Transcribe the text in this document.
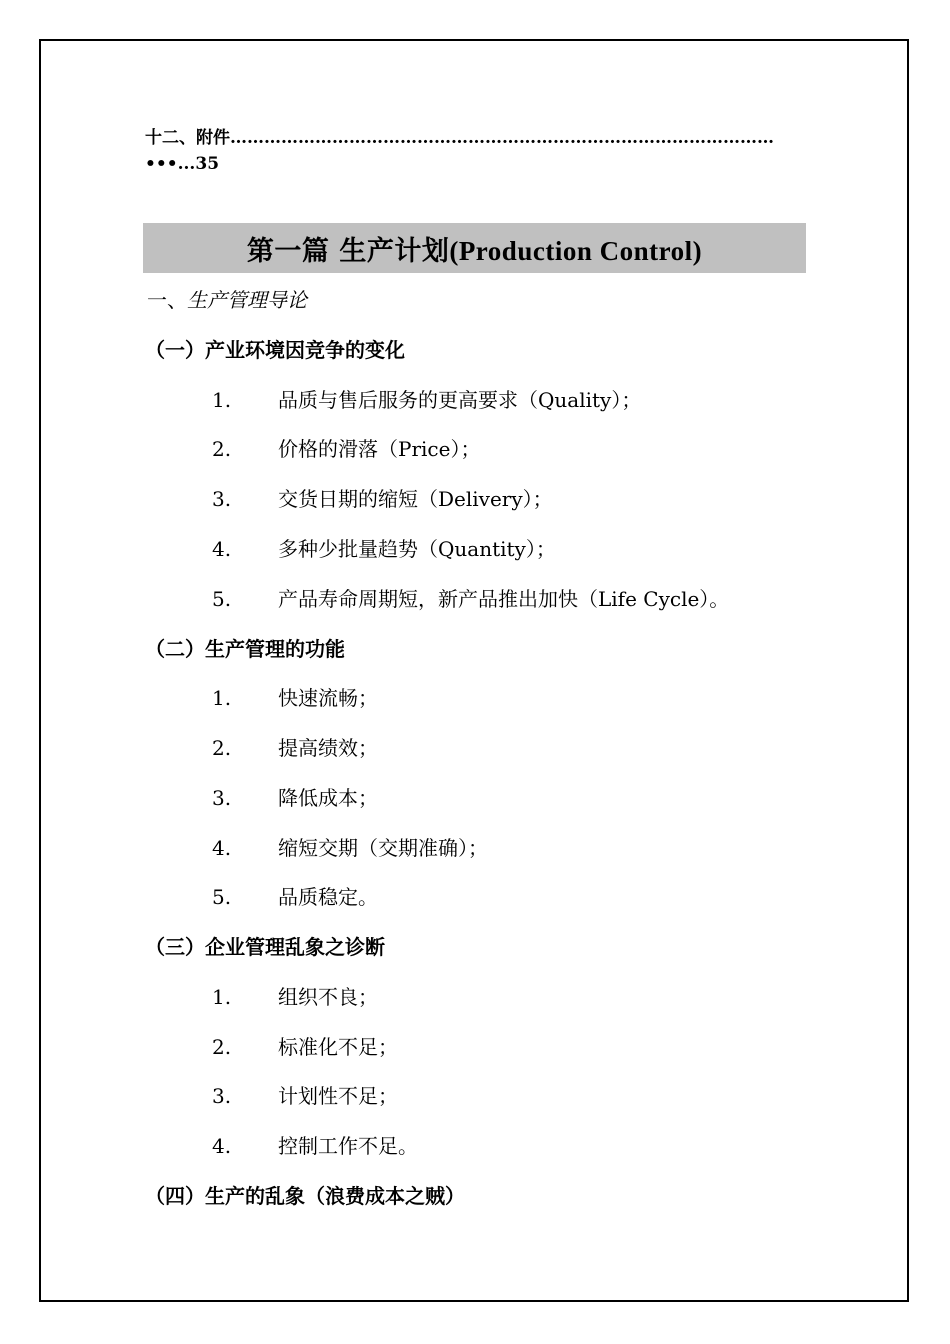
十二、附件……………………………………………………………………………………
•••...35
第一篇 生产计划(Production Control)
一、生产管理导论
（一）产业环境因竞争的变化
1. 品质与售后服务的更高要求（Quality）；
2. 价格的滑落（Price）；
3. 交货日期的缩短（Delivery）；
4. 多种少批量趋势（Quantity）；
5. 产品寿命周期短，新产品推出加快（Life Cycle）。
（二）生产管理的功能
1. 快速流畅；
2. 提高绩效；
3. 降低成本；
4. 缩短交期（交期准确）；
5. 品质稳定。
（三）企业管理乱象之诊断
1. 组织不良；
2. 标准化不足；
3. 计划性不足；
4. 控制工作不足。
（四）生产的乱象（浪费成本之贼）
